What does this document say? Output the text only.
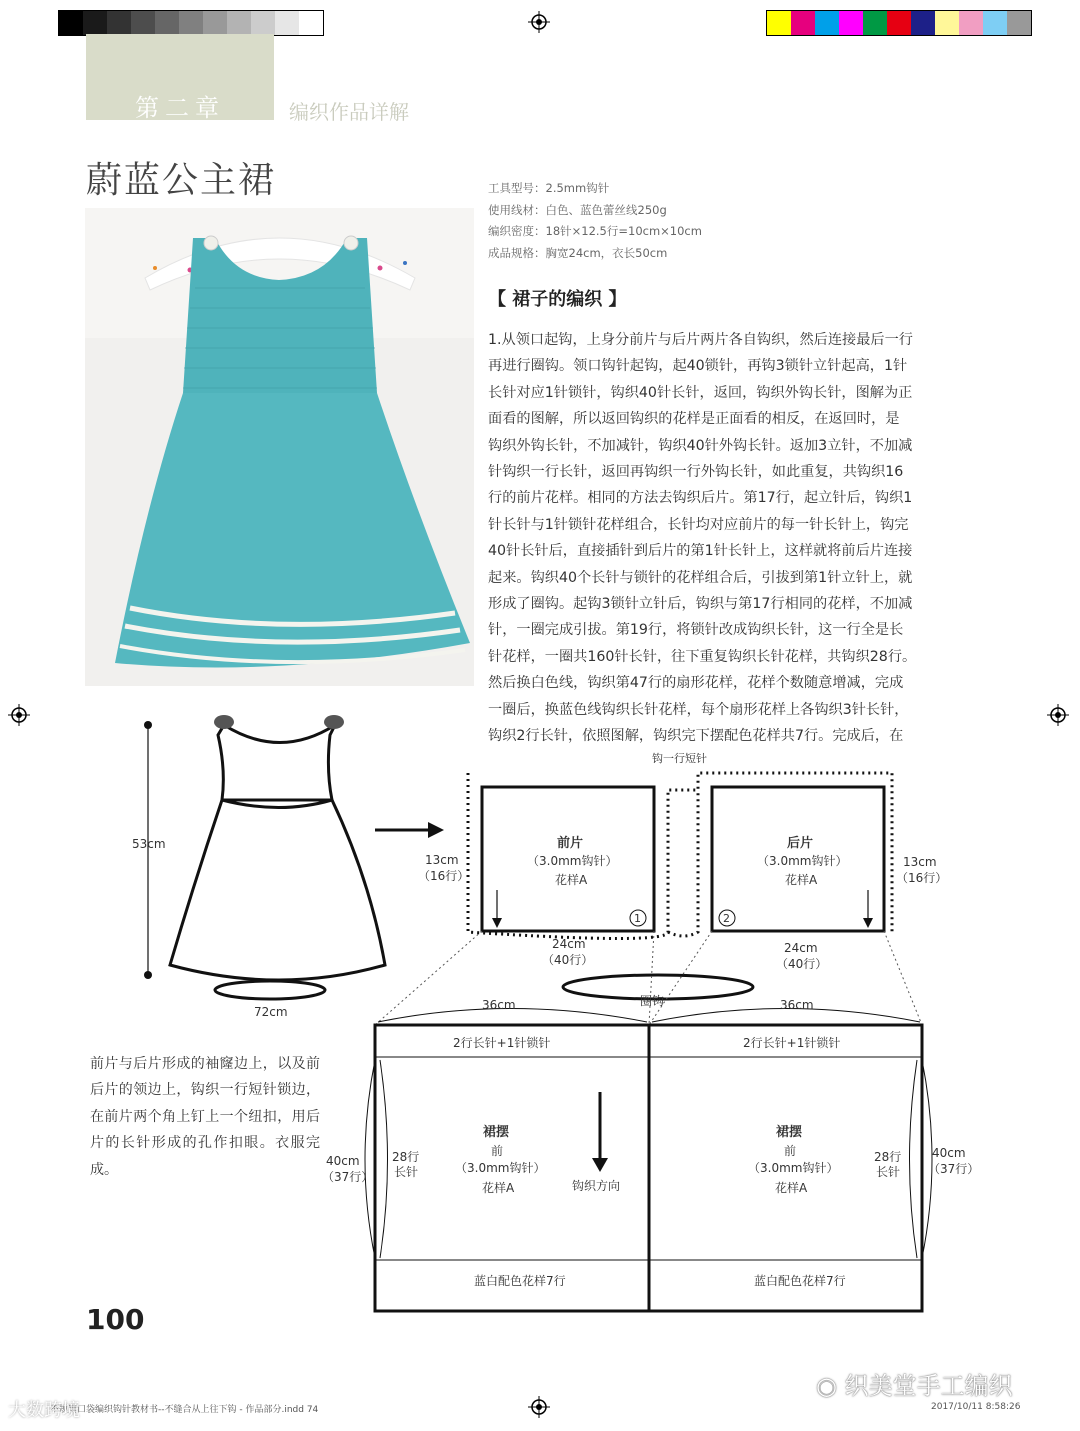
第二章	编织作品详解
蔚蓝公主裙	工具型号：2.5mm钩针
使用线材：白色、蓝色蕾丝线250g
编织密度：18针×12.5行=10cm×10cm
成品规格：胸宽24cm，衣长50cm
【 裙子的编织 】
1.从领口起钩，上身分前片与后片两片各自钩织，然后连接最后一行
再进行圈钩。领口钩针起钩，起40锁针，再钩3锁针立针起高，1针
长针对应1针锁针，钩织40针长针，返回，钩织外钩长针，图解为正
面看的图解，所以返回钩织的花样是正面看的相反，在返回时，是
钩织外钩长针，不加减针，钩织40针外钩长针。返加3立针，不加减
针钩织一行长针，返回再钩织一行外钩长针，如此重复，共钩织16
行的前片花样。相同的方法去钩织后片。第17行，起立针后，钩织1
针长针与1针锁针花样组合，长针均对应前片的每一针长针上，钩完
40针长针后，直接插针到后片的第1针长针上，这样就将前后片连接
起来。钩织40个长针与锁针的花样组合后，引拔到第1针立针上，就
形成了圈钩。起钩3锁针立针后，钩织与第17行相同的花样，不加减
针，一圈完成引拔。第19行，将锁针改成钩织长针，这一行全是长
针花样，一圈共160针长针，往下重复钩织长针花样，共钩织28行。
然后换白色线，钩织第47行的扇形花样，花样个数随意增减，完成
一圈后，换蓝色线钩织长针花样，每个扇形花样上各钩织3针长针，
钩织2行长针，依照图解，钩织完下摆配色花样共7行。完成后，在
53cm
72cm
钩一行短针
前片
（3.0mm钩针）
花样A
1
13cm
（16行）
24cm
（40行）
后片
（3.0mm钩针）
花样A
2
13cm
（16行）
24cm
（40行）
圈钩
36cm	36cm
2行长针+1针锁针	2行长针+1针锁针
裙摆
前
（3.0mm钩针）
花样A
裙摆
前
（3.0mm钩针）
花样A
钩织方向
蓝白配色花样7行	蓝白配色花样7行
40cm
（37行）
40cm
（37行）
28行
长针
28行
长针
前片与后片形成的袖窿边上，以及前后片的领边上，钩织一行短针锁边，在前片两个角上钉上一个纽扣，用后片的长针形成的孔作扣眼。衣服完成。
100
不规则口袋编织钩针教材书--不缝合从上往下钩 - 作品部分.indd 74	2017/10/11 8:58:26
大数跨境
◉ 织美堂手工编织
